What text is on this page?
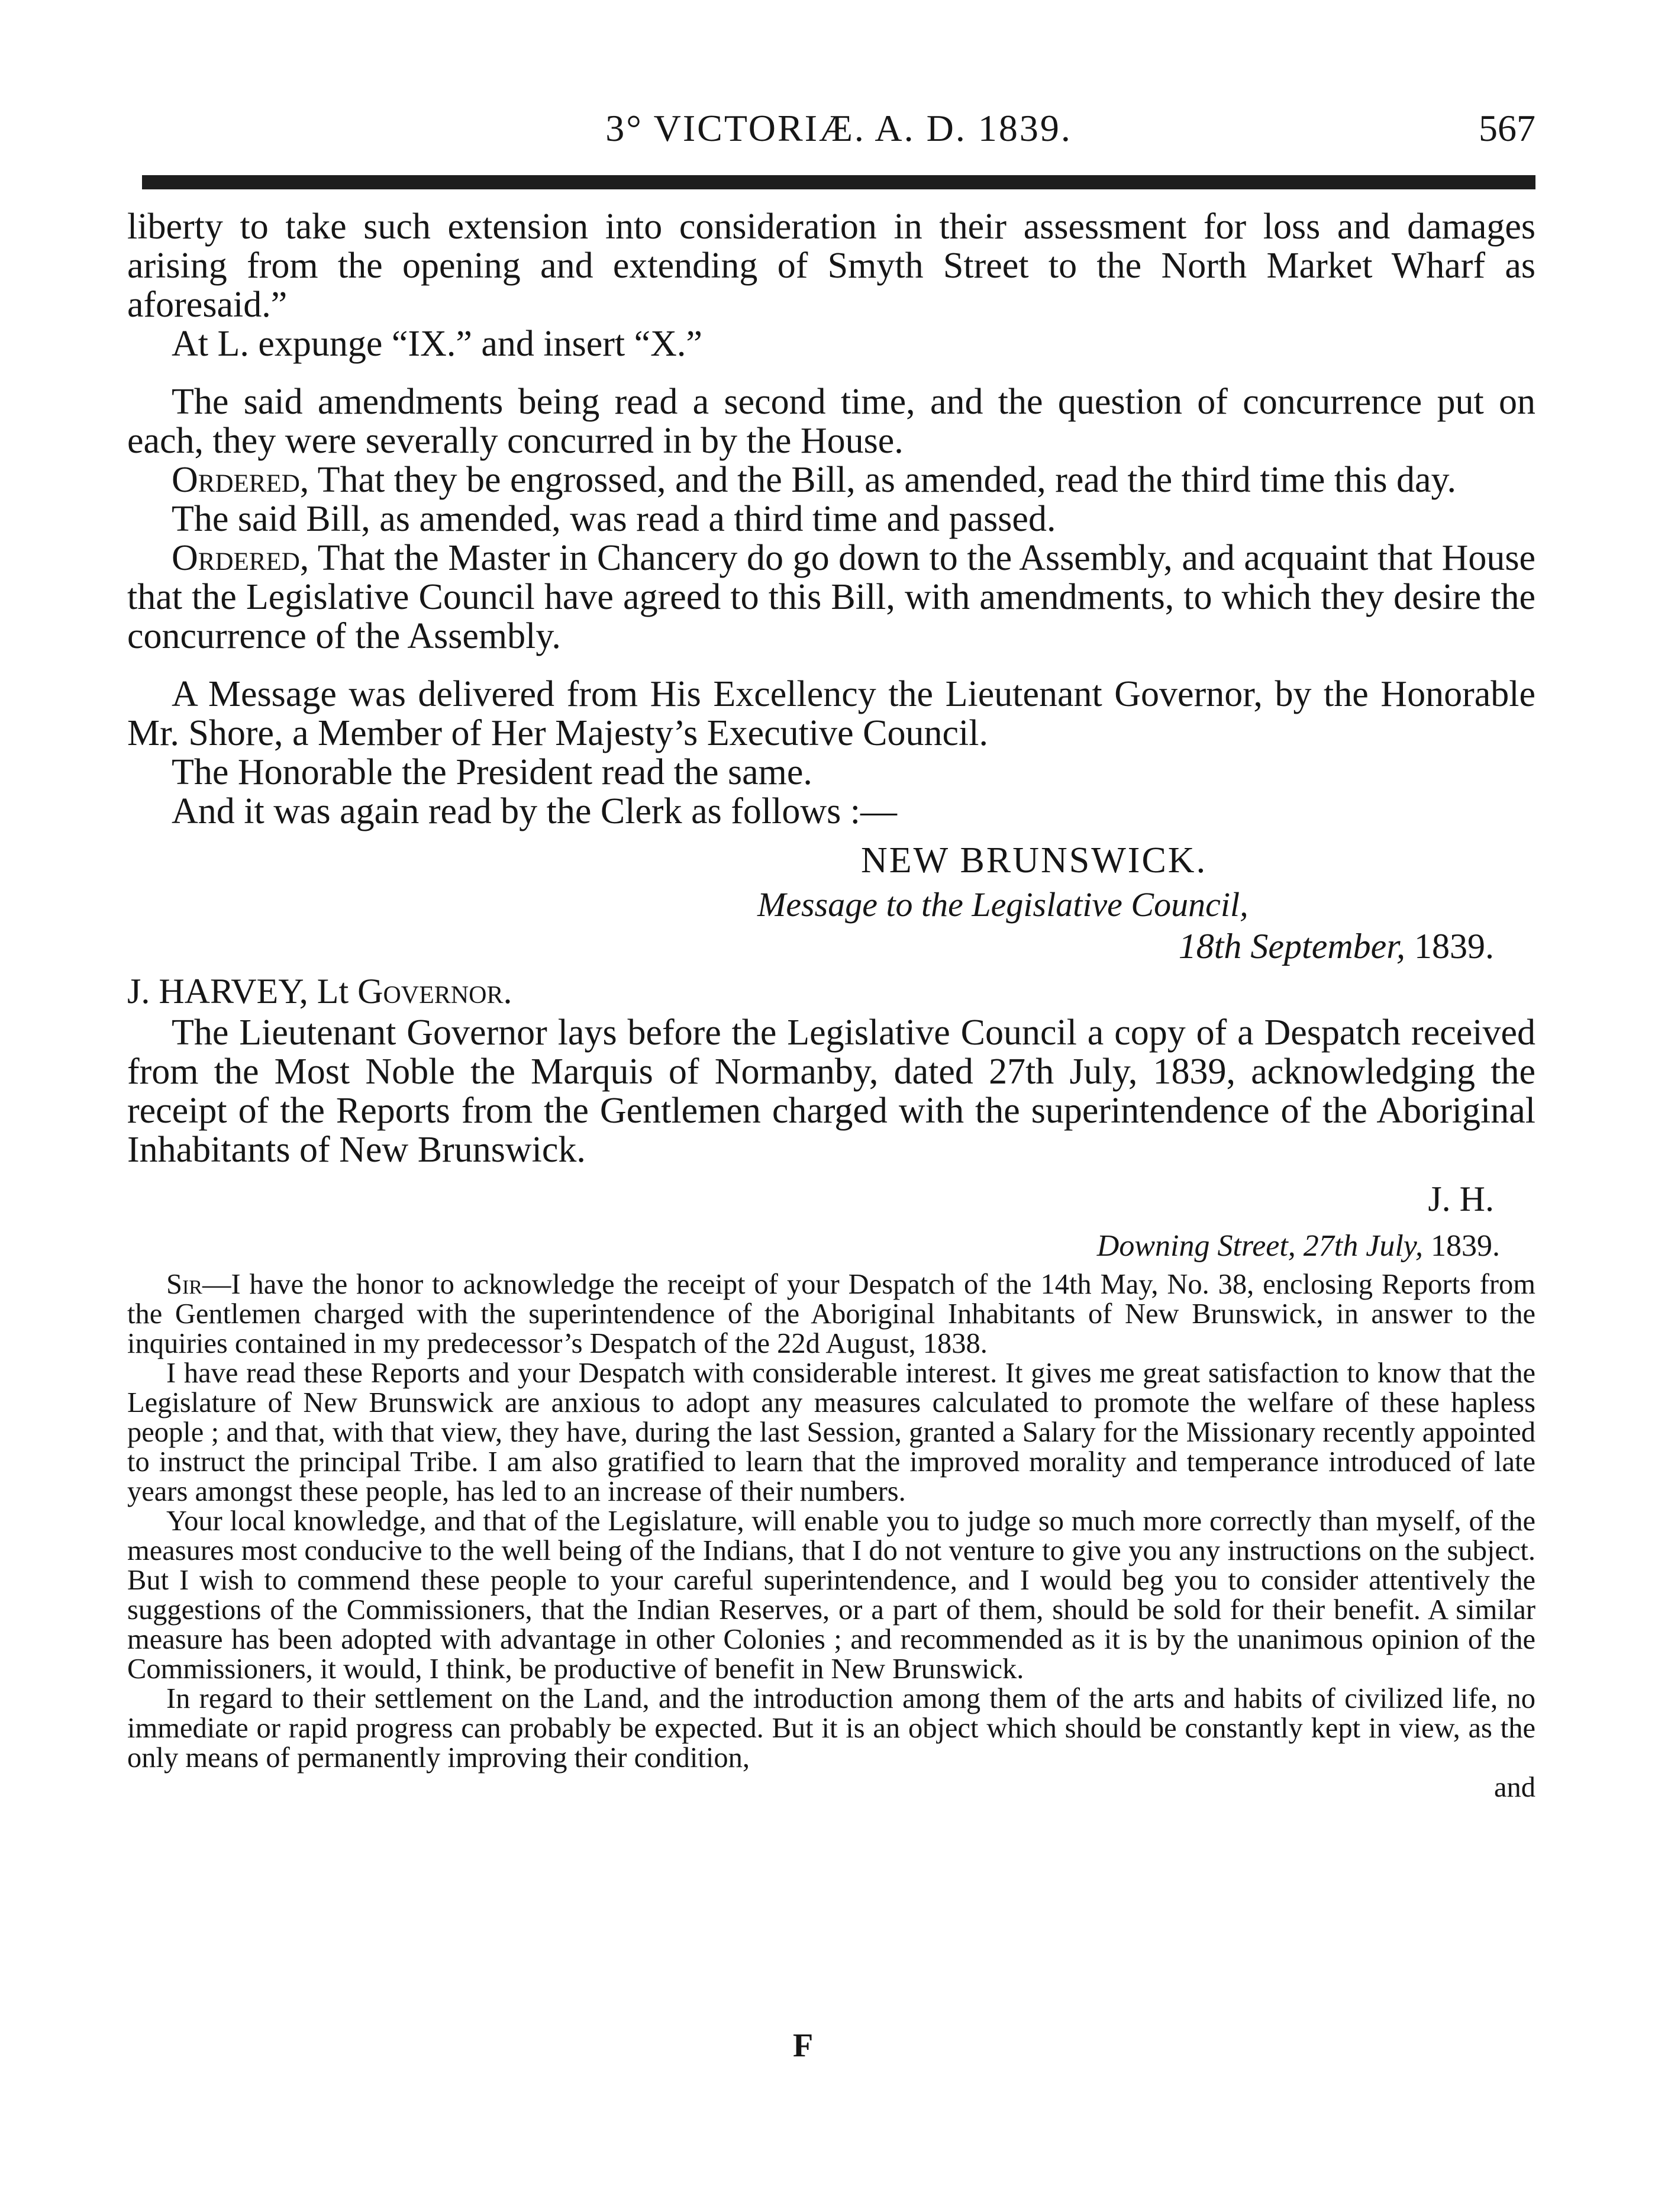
3° VICTORIÆ. A. D. 1839.	567

liberty to take such extension into consideration in their assessment for loss and damages arising from the opening and extending of Smyth Street to the North Market Wharf as aforesaid.”

At L. expunge “IX.” and insert “X.”

The said amendments being read a second time, and the question of concurrence put on each, they were severally concurred in by the House.

Ordered, That they be engrossed, and the Bill, as amended, read the third time this day.

The said Bill, as amended, was read a third time and passed.

Ordered, That the Master in Chancery do go down to the Assembly, and acquaint that House that the Legislative Council have agreed to this Bill, with amendments, to which they desire the concurrence of the Assembly.

A Message was delivered from His Excellency the Lieutenant Governor, by the Honorable Mr. Shore, a Member of Her Majesty’s Executive Council.

The Honorable the President read the same.

And it was again read by the Clerk as follows :—

NEW BRUNSWICK.
Message to the Legislative Council,
18th September, 1839.
J. HARVEY, Lt Governor.

The Lieutenant Governor lays before the Legislative Council a copy of a Despatch received from the Most Noble the Marquis of Normanby, dated 27th July, 1839, acknowledging the receipt of the Reports from the Gentlemen charged with the superintendence of the Aboriginal Inhabitants of New Brunswick.

J. H.
Downing Street, 27th July, 1839.

Sir—I have the honor to acknowledge the receipt of your Despatch of the 14th May, No. 38, enclosing Reports from the Gentlemen charged with the superintendence of the Aboriginal Inhabitants of New Brunswick, in answer to the inquiries contained in my predecessor’s Despatch of the 22d August, 1838.

I have read these Reports and your Despatch with considerable interest. It gives me great satisfaction to know that the Legislature of New Brunswick are anxious to adopt any measures calculated to promote the welfare of these hapless people ; and that, with that view, they have, during the last Session, granted a Salary for the Missionary recently appointed to instruct the principal Tribe. I am also gratified to learn that the improved morality and temperance introduced of late years amongst these people, has led to an increase of their numbers.

Your local knowledge, and that of the Legislature, will enable you to judge so much more correctly than myself, of the measures most conducive to the well being of the Indians, that I do not venture to give you any instructions on the subject. But I wish to commend these people to your careful superintendence, and I would beg you to consider attentively the suggestions of the Commissioners, that the Indian Reserves, or a part of them, should be sold for their benefit. A similar measure has been adopted with advantage in other Colonies ; and recommended as it is by the unanimous opinion of the Commissioners, it would, I think, be productive of benefit in New Brunswick.

In regard to their settlement on the Land, and the introduction among them of the arts and habits of civilized life, no immediate or rapid progress can probably be expected. But it is an object which should be constantly kept in view, as the only means of permanently improving their condition,

and

F
